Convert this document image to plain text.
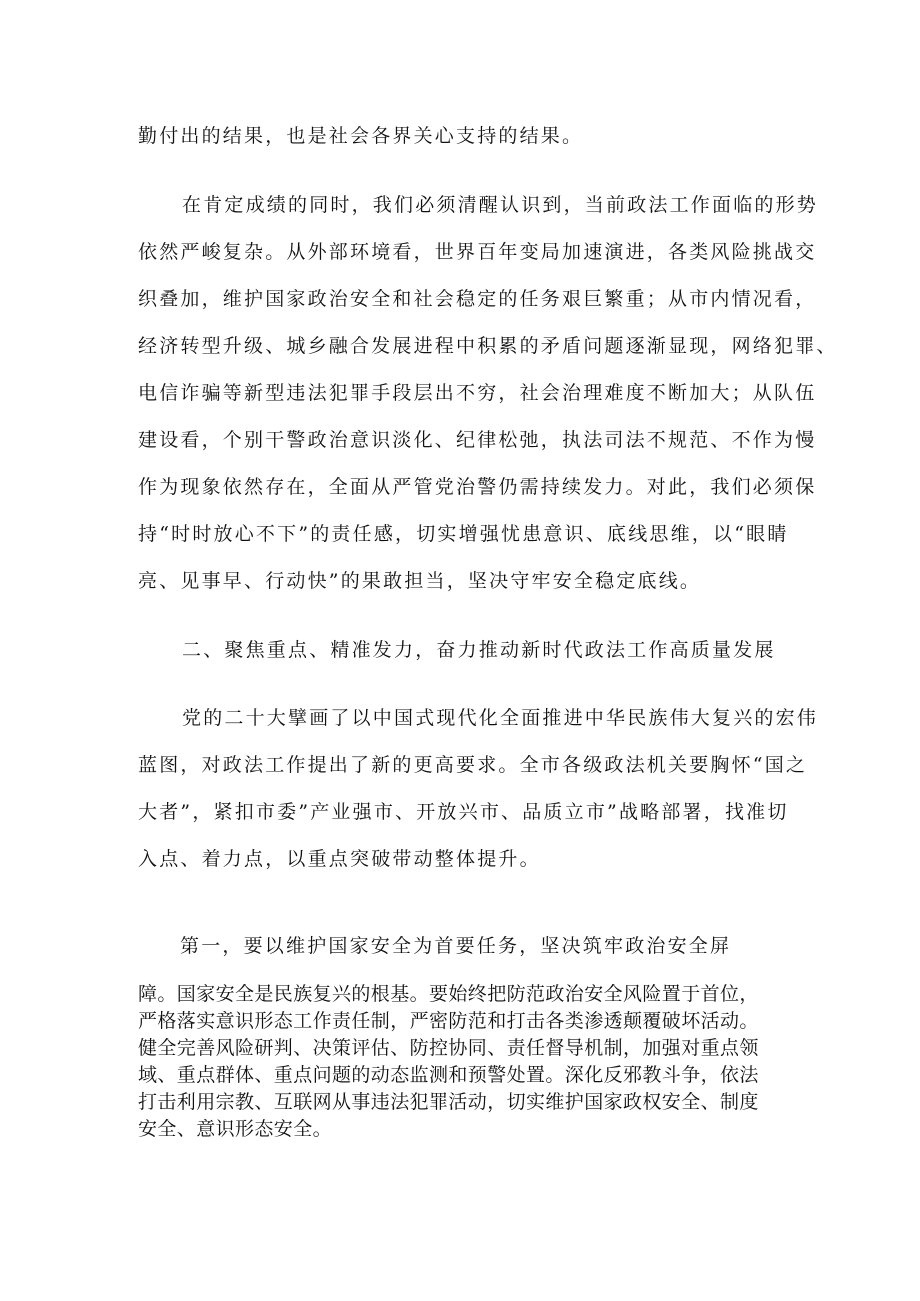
勤付出的结果，也是社会各界关心支持的结果。
在肯定成绩的同时，我们必须清醒认识到，当前政法工作面临的形势
依然严峻复杂。从外部环境看，世界百年变局加速演进，各类风险挑战交
织叠加，维护国家政治安全和社会稳定的任务艰巨繁重；从市内情况看，
经济转型升级、城乡融合发展进程中积累的矛盾问题逐渐显现，网络犯罪、
电信诈骗等新型违法犯罪手段层出不穷，社会治理难度不断加大；从队伍
建设看，个别干警政治意识淡化、纪律松弛，执法司法不规范、不作为慢
作为现象依然存在，全面从严管党治警仍需持续发力。对此，我们必须保
持“时时放心不下”的责任感，切实增强忧患意识、底线思维，以“眼睛
亮、见事早、行动快”的果敢担当，坚决守牢安全稳定底线。
二、聚焦重点、精准发力，奋力推动新时代政法工作高质量发展
党的二十大擘画了以中国式现代化全面推进中华民族伟大复兴的宏伟
蓝图，对政法工作提出了新的更高要求。全市各级政法机关要胸怀“国之
大者”，紧扣市委”产业强市、开放兴市、品质立市”战略部署，找准切
入点、着力点，以重点突破带动整体提升。
第一，要以维护国家安全为首要任务，坚决筑牢政治安全屏
障。国家安全是民族复兴的根基。要始终把防范政治安全风险置于首位，
严格落实意识形态工作责任制，严密防范和打击各类渗透颠覆破坏活动。
健全完善风险研判、决策评估、防控协同、责任督导机制，加强对重点领
域、重点群体、重点问题的动态监测和预警处置。深化反邪教斗争，依法
打击利用宗教、互联网从事违法犯罪活动，切实维护国家政权安全、制度
安全、意识形态安全。
